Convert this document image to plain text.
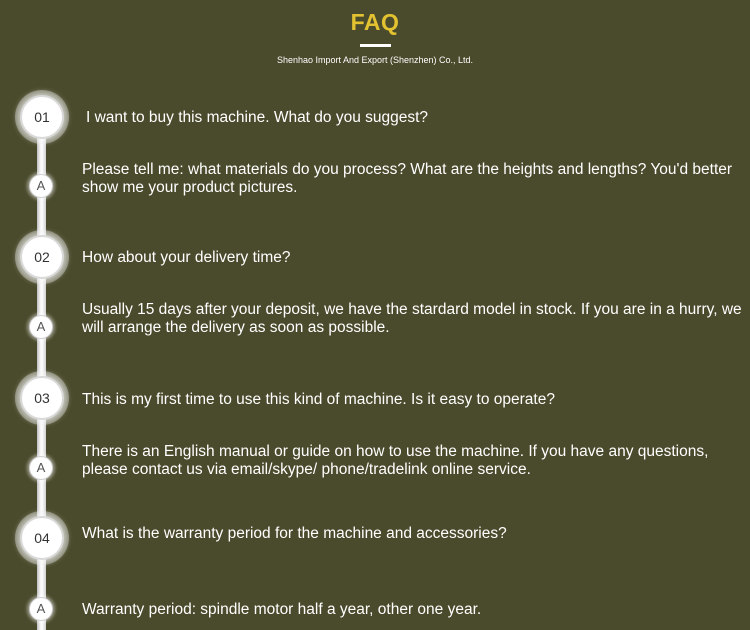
FAQ
Shenhao Import And Export (Shenzhen) Co., Ltd.
01	I want to buy this machine. What do you suggest?
A
Please tell me: what materials do you process? What are the heights and lengths? You'd better show me your product pictures.
02	How about your delivery time?
A
Usually 15 days after your deposit, we have the stardard model in stock. If you are in a hurry, we will arrange the delivery as soon as possible.
03	This is my first time to use this kind of machine. Is it easy to operate?
A
There is an English manual or guide on how to use the machine. If you have any questions, please contact us via email/skype/ phone/tradelink online service.
04	What is the warranty period for the machine and accessories?
A	Warranty period: spindle motor half a year, other one year.
